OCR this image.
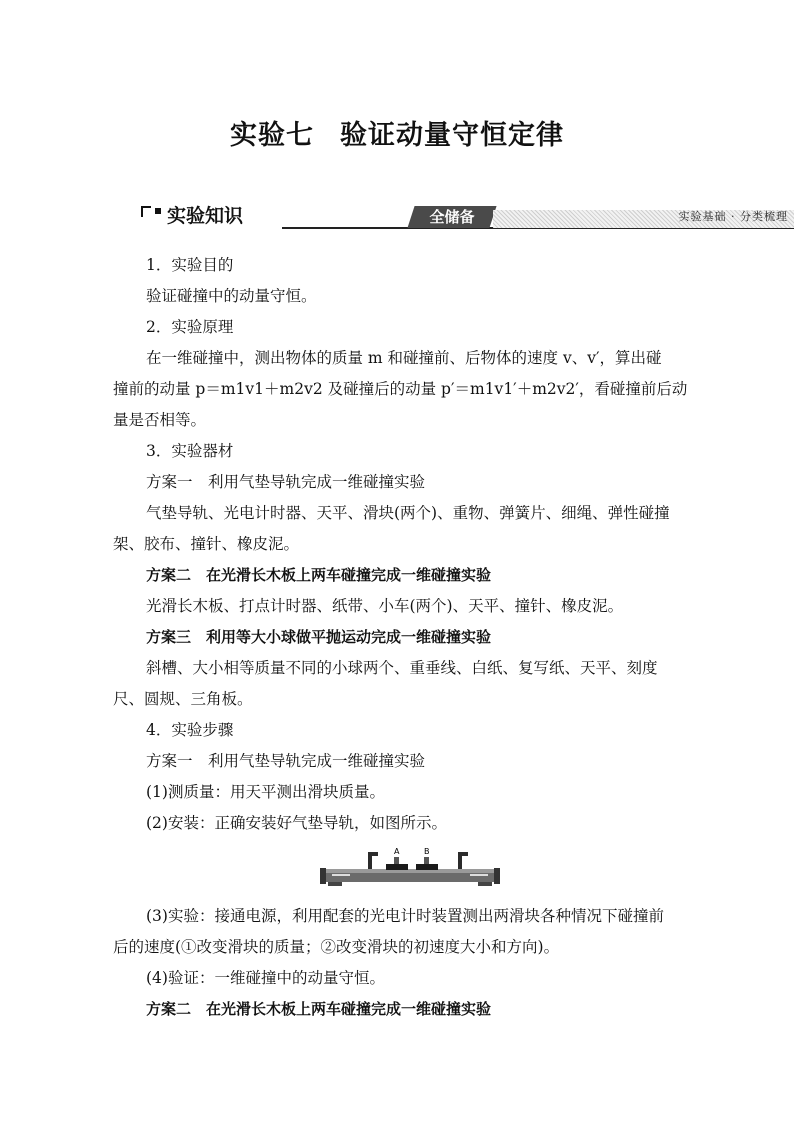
实验七 验证动量守恒定律
实验知识	全储备	实验基础 · 分类梳理
1．实验目的
验证碰撞中的动量守恒。
2．实验原理
在一维碰撞中，测出物体的质量 m 和碰撞前、后物体的速度 v、v′，算出碰
撞前的动量 p＝m1v1＋m2v2 及碰撞后的动量 p′＝m1v1′＋m2v2′，看碰撞前后动
量是否相等。
3．实验器材
方案一　利用气垫导轨完成一维碰撞实验
气垫导轨、光电计时器、天平、滑块(两个)、重物、弹簧片、细绳、弹性碰撞
架、胶布、撞针、橡皮泥。
方案二　在光滑长木板上两车碰撞完成一维碰撞实验
光滑长木板、打点计时器、纸带、小车(两个)、天平、撞针、橡皮泥。
方案三　利用等大小球做平抛运动完成一维碰撞实验
斜槽、大小相等质量不同的小球两个、重垂线、白纸、复写纸、天平、刻度
尺、圆规、三角板。
4．实验步骤
方案一　利用气垫导轨完成一维碰撞实验
(1)测质量：用天平测出滑块质量。
(2)安装：正确安装好气垫导轨，如图所示。
(3)实验：接通电源，利用配套的光电计时装置测出两滑块各种情况下碰撞前
后的速度(①改变滑块的质量；②改变滑块的初速度大小和方向)。
(4)验证：一维碰撞中的动量守恒。
方案二　在光滑长木板上两车碰撞完成一维碰撞实验
A	B
